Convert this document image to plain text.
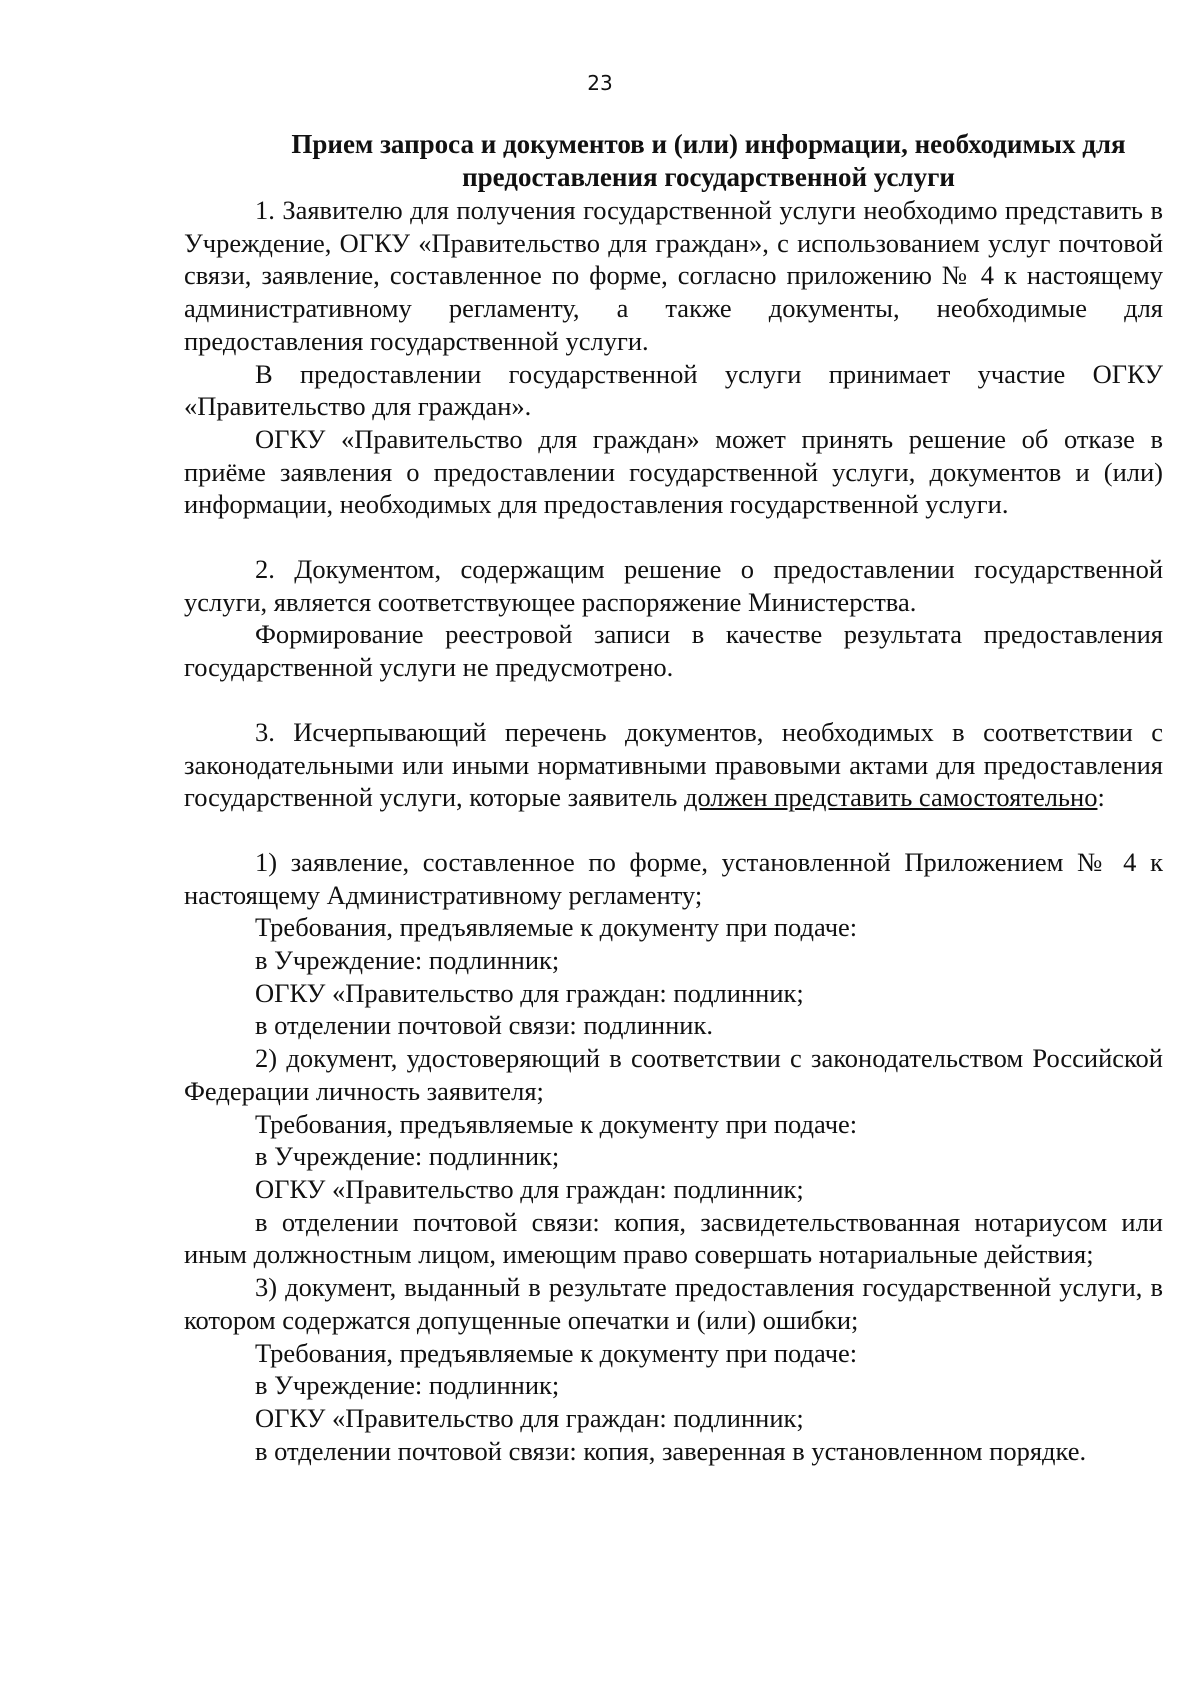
23
Прием запроса и документов и (или) информации, необходимых для предоставления государственной услуги

1. Заявителю для получения государственной услуги необходимо представить в Учреждение, ОГКУ «Правительство для граждан», с использованием услуг почтовой связи, заявление, составленное по форме, согласно приложению № 4 к настоящему административному регламенту, а также документы, необходимые для предоставления государственной услуги.

В предоставлении государственной услуги принимает участие ОГКУ «Правительство для граждан».

ОГКУ «Правительство для граждан» может принять решение об отказе в приёме заявления о предоставлении государственной услуги, документов и (или) информации, необходимых для предоставления государственной услуги.

2. Документом, содержащим решение о предоставлении государственной услуги, является соответствующее распоряжение Министерства.

Формирование реестровой записи в качестве результата предоставления государственной услуги не предусмотрено.

3. Исчерпывающий перечень документов, необходимых в соответствии с законодательными или иными нормативными правовыми актами для предоставления государственной услуги, которые заявитель должен представить самостоятельно:

1) заявление, составленное по форме, установленной Приложением № 4 к настоящему Административному регламенту;

Требования, предъявляемые к документу при подаче:

в Учреждение: подлинник;

ОГКУ «Правительство для граждан: подлинник;

в отделении почтовой связи: подлинник.

2) документ, удостоверяющий в соответствии с законодательством Российской Федерации личность заявителя;

Требования, предъявляемые к документу при подаче:

в Учреждение: подлинник;

ОГКУ «Правительство для граждан: подлинник;

в отделении почтовой связи: копия, засвидетельствованная нотариусом или иным должностным лицом, имеющим право совершать нотариальные действия;

3) документ, выданный в результате предоставления государственной услуги, в котором содержатся допущенные опечатки и (или) ошибки;

Требования, предъявляемые к документу при подаче:

в Учреждение: подлинник;

ОГКУ «Правительство для граждан: подлинник;

в отделении почтовой связи: копия, заверенная в установленном порядке.
